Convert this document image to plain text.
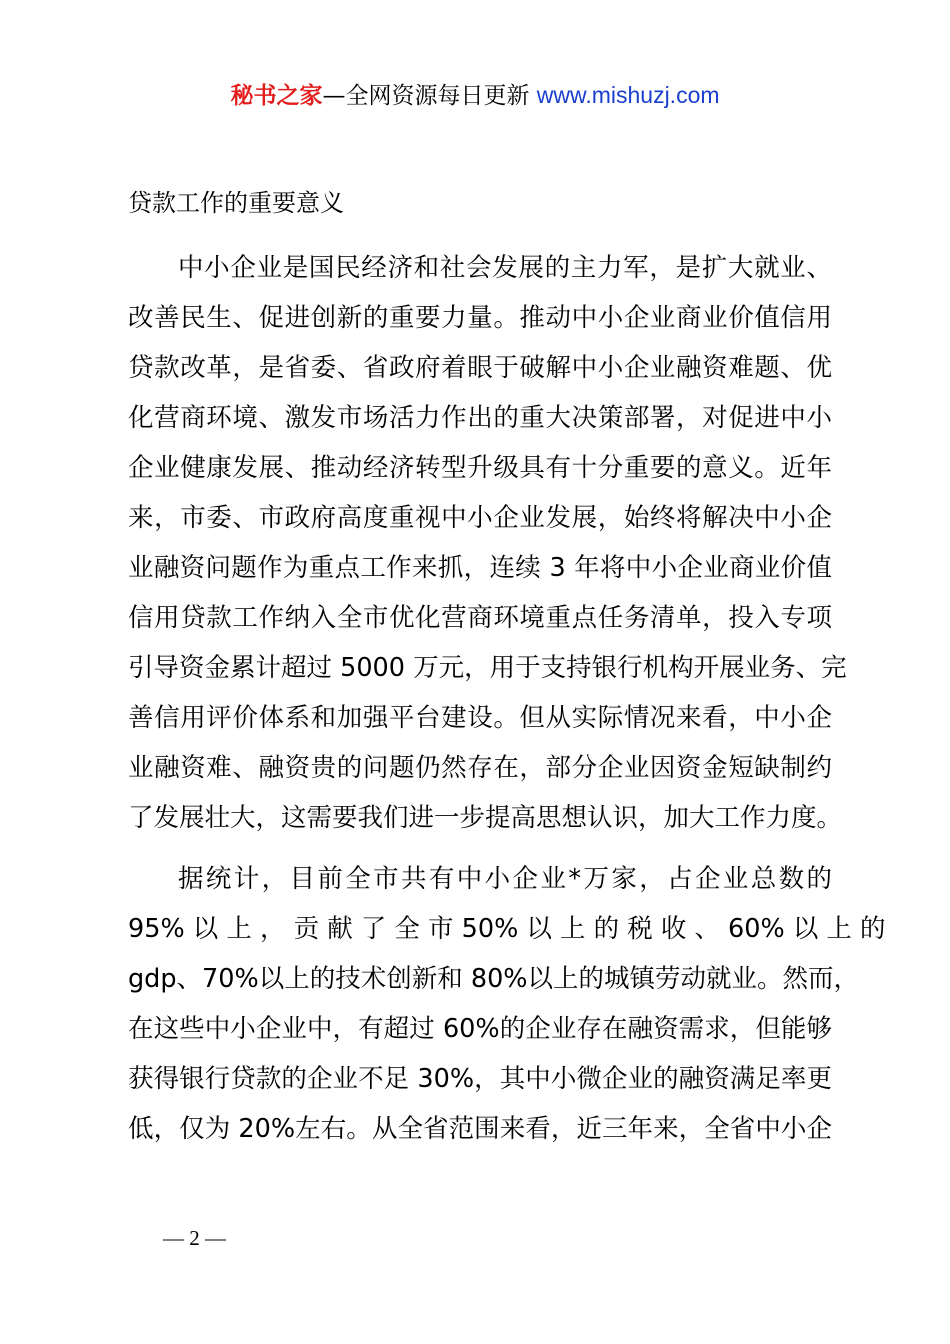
秘书之家—全网资源每日更新 www.mishuzj.com
贷款工作的重要意义
中小企业是国民经济和社会发展的主力军，是扩大就业、
改善民生、促进创新的重要力量。推动中小企业商业价值信用
贷款改革，是省委、省政府着眼于破解中小企业融资难题、优
化营商环境、激发市场活力作出的重大决策部署，对促进中小
企业健康发展、推动经济转型升级具有十分重要的意义。近年
来，市委、市政府高度重视中小企业发展，始终将解决中小企
业融资问题作为重点工作来抓，连续 3 年将中小企业商业价值
信用贷款工作纳入全市优化营商环境重点任务清单，投入专项
引导资金累计超过 5000 万元，用于支持银行机构开展业务、完
善信用评价体系和加强平台建设。但从实际情况来看，中小企
业融资难、融资贵的问题仍然存在，部分企业因资金短缺制约
了发展壮大，这需要我们进一步提高思想认识，加大工作力度。
据统计，目前全市共有中小企业*万家，占企业总数的
95% 以 上 ， 贡 献 了 全 市 50% 以 上 的 税 收 、 60% 以 上 的
gdp、70%以上的技术创新和 80%以上的城镇劳动就业。然而，
在这些中小企业中，有超过 60%的企业存在融资需求，但能够
获得银行贷款的企业不足 30%，其中小微企业的融资满足率更
低，仅为 20%左右。从全省范围来看，近三年来，全省中小企
— 2 —
